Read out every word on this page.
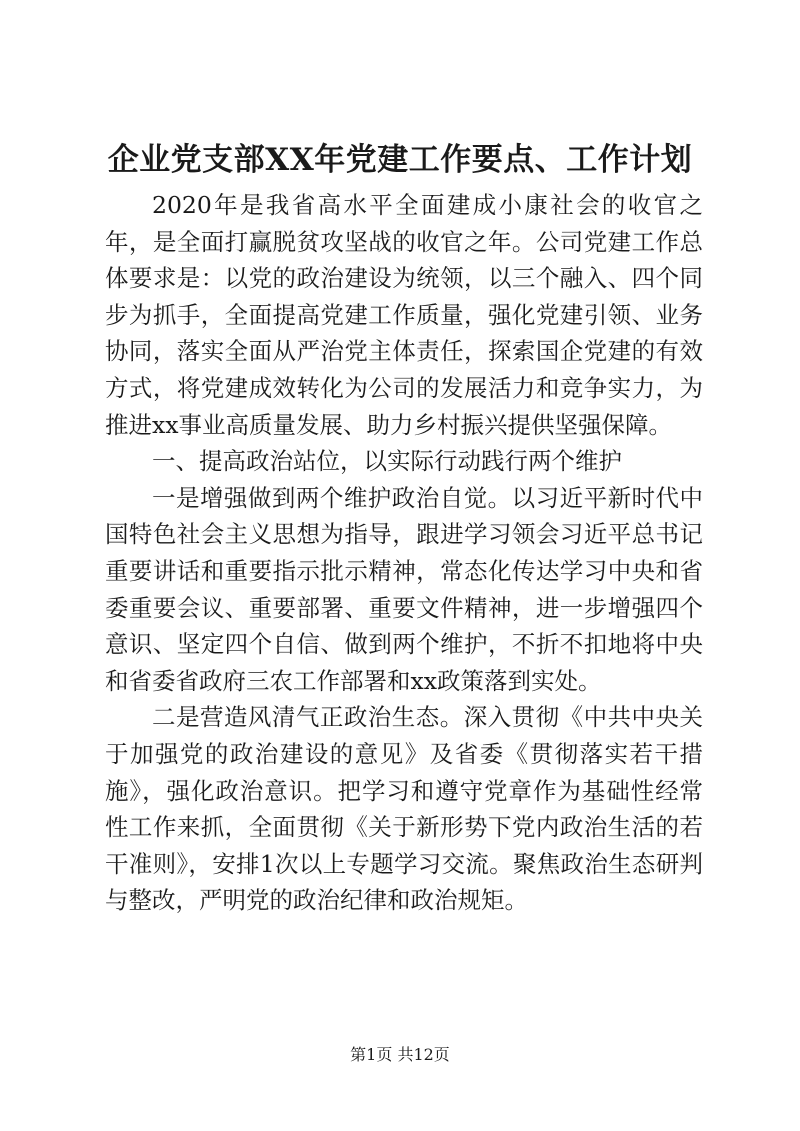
企业党支部XX年党建工作要点、工作计划

2020年是我省高水平全面建成小康社会的收官之年，是全面打赢脱贫攻坚战的收官之年。公司党建工作总体要求是：以党的政治建设为统领，以三个融入、四个同步为抓手，全面提高党建工作质量，强化党建引领、业务协同，落实全面从严治党主体责任，探索国企党建的有效方式，将党建成效转化为公司的发展活力和竞争实力，为推进xx事业高质量发展、助力乡村振兴提供坚强保障。

一、提高政治站位，以实际行动践行两个维护

一是增强做到两个维护政治自觉。以习近平新时代中国特色社会主义思想为指导，跟进学习领会习近平总书记重要讲话和重要指示批示精神，常态化传达学习中央和省委重要会议、重要部署、重要文件精神，进一步增强四个意识、坚定四个自信、做到两个维护，不折不扣地将中央和省委省政府三农工作部署和xx政策落到实处。

二是营造风清气正政治生态。深入贯彻《中共中央关于加强党的政治建设的意见》及省委《贯彻落实若干措施》，强化政治意识。把学习和遵守党章作为基础性经常性工作来抓，全面贯彻《关于新形势下党内政治生活的若干准则》，安排1次以上专题学习交流。聚焦政治生态研判与整改，严明党的政治纪律和政治规矩。

第1页 共12页
